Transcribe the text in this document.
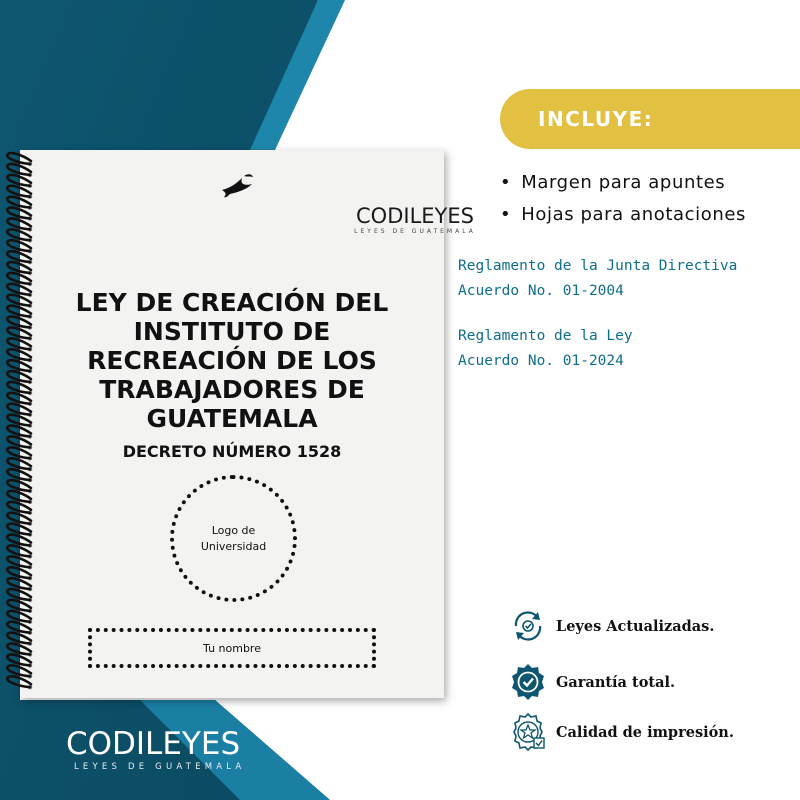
CODILEYES
LEYES DE GUATEMALA
LEY DE CREACIÓN DEL
INSTITUTO DE
RECREACIÓN DE LOS
TRABAJADORES DE
GUATEMALA
DECRETO NÚMERO 1528
Logo de
Universidad
Tu nombre
CODILEYES
LEYES DE GUATEMALA
INCLUYE:
• Margen para apuntes
• Hojas para anotaciones
Reglamento de la Junta Directiva
Acuerdo No. 01-2004
Reglamento de la Ley
Acuerdo No. 01-2024
Leyes Actualizadas.
Garantía total.
Calidad de impresión.
